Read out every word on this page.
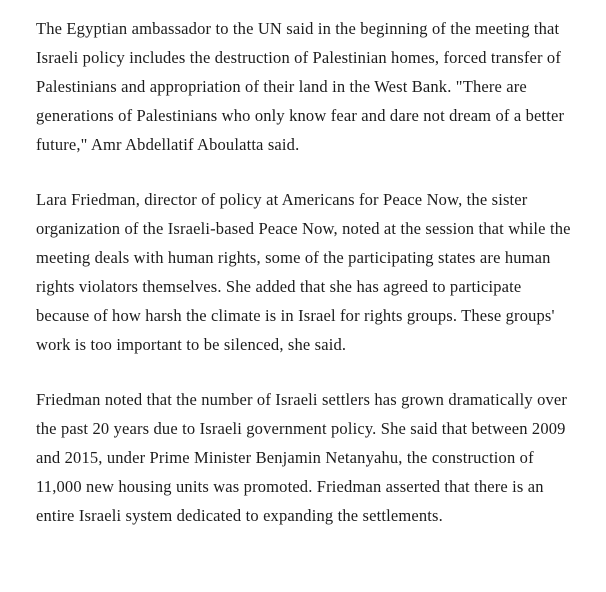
The Egyptian ambassador to the UN said in the beginning of the meeting that Israeli policy includes the destruction of Palestinian homes, forced transfer of Palestinians and appropriation of their land in the West Bank. "There are generations of Palestinians who only know fear and dare not dream of a better future," Amr Abdellatif Aboulatta said.

Lara Friedman, director of policy at Americans for Peace Now, the sister organization of the Israeli-based Peace Now, noted at the session that while the meeting deals with human rights, some of the participating states are human rights violators themselves. She added that she has agreed to participate because of how harsh the climate is in Israel for rights groups. These groups' work is too important to be silenced, she said.

Friedman noted that the number of Israeli settlers has grown dramatically over the past 20 years due to Israeli government policy. She said that between 2009 and 2015, under Prime Minister Benjamin Netanyahu, the construction of 11,000 new housing units was promoted. Friedman asserted that there is an entire Israeli system dedicated to expanding the settlements.
